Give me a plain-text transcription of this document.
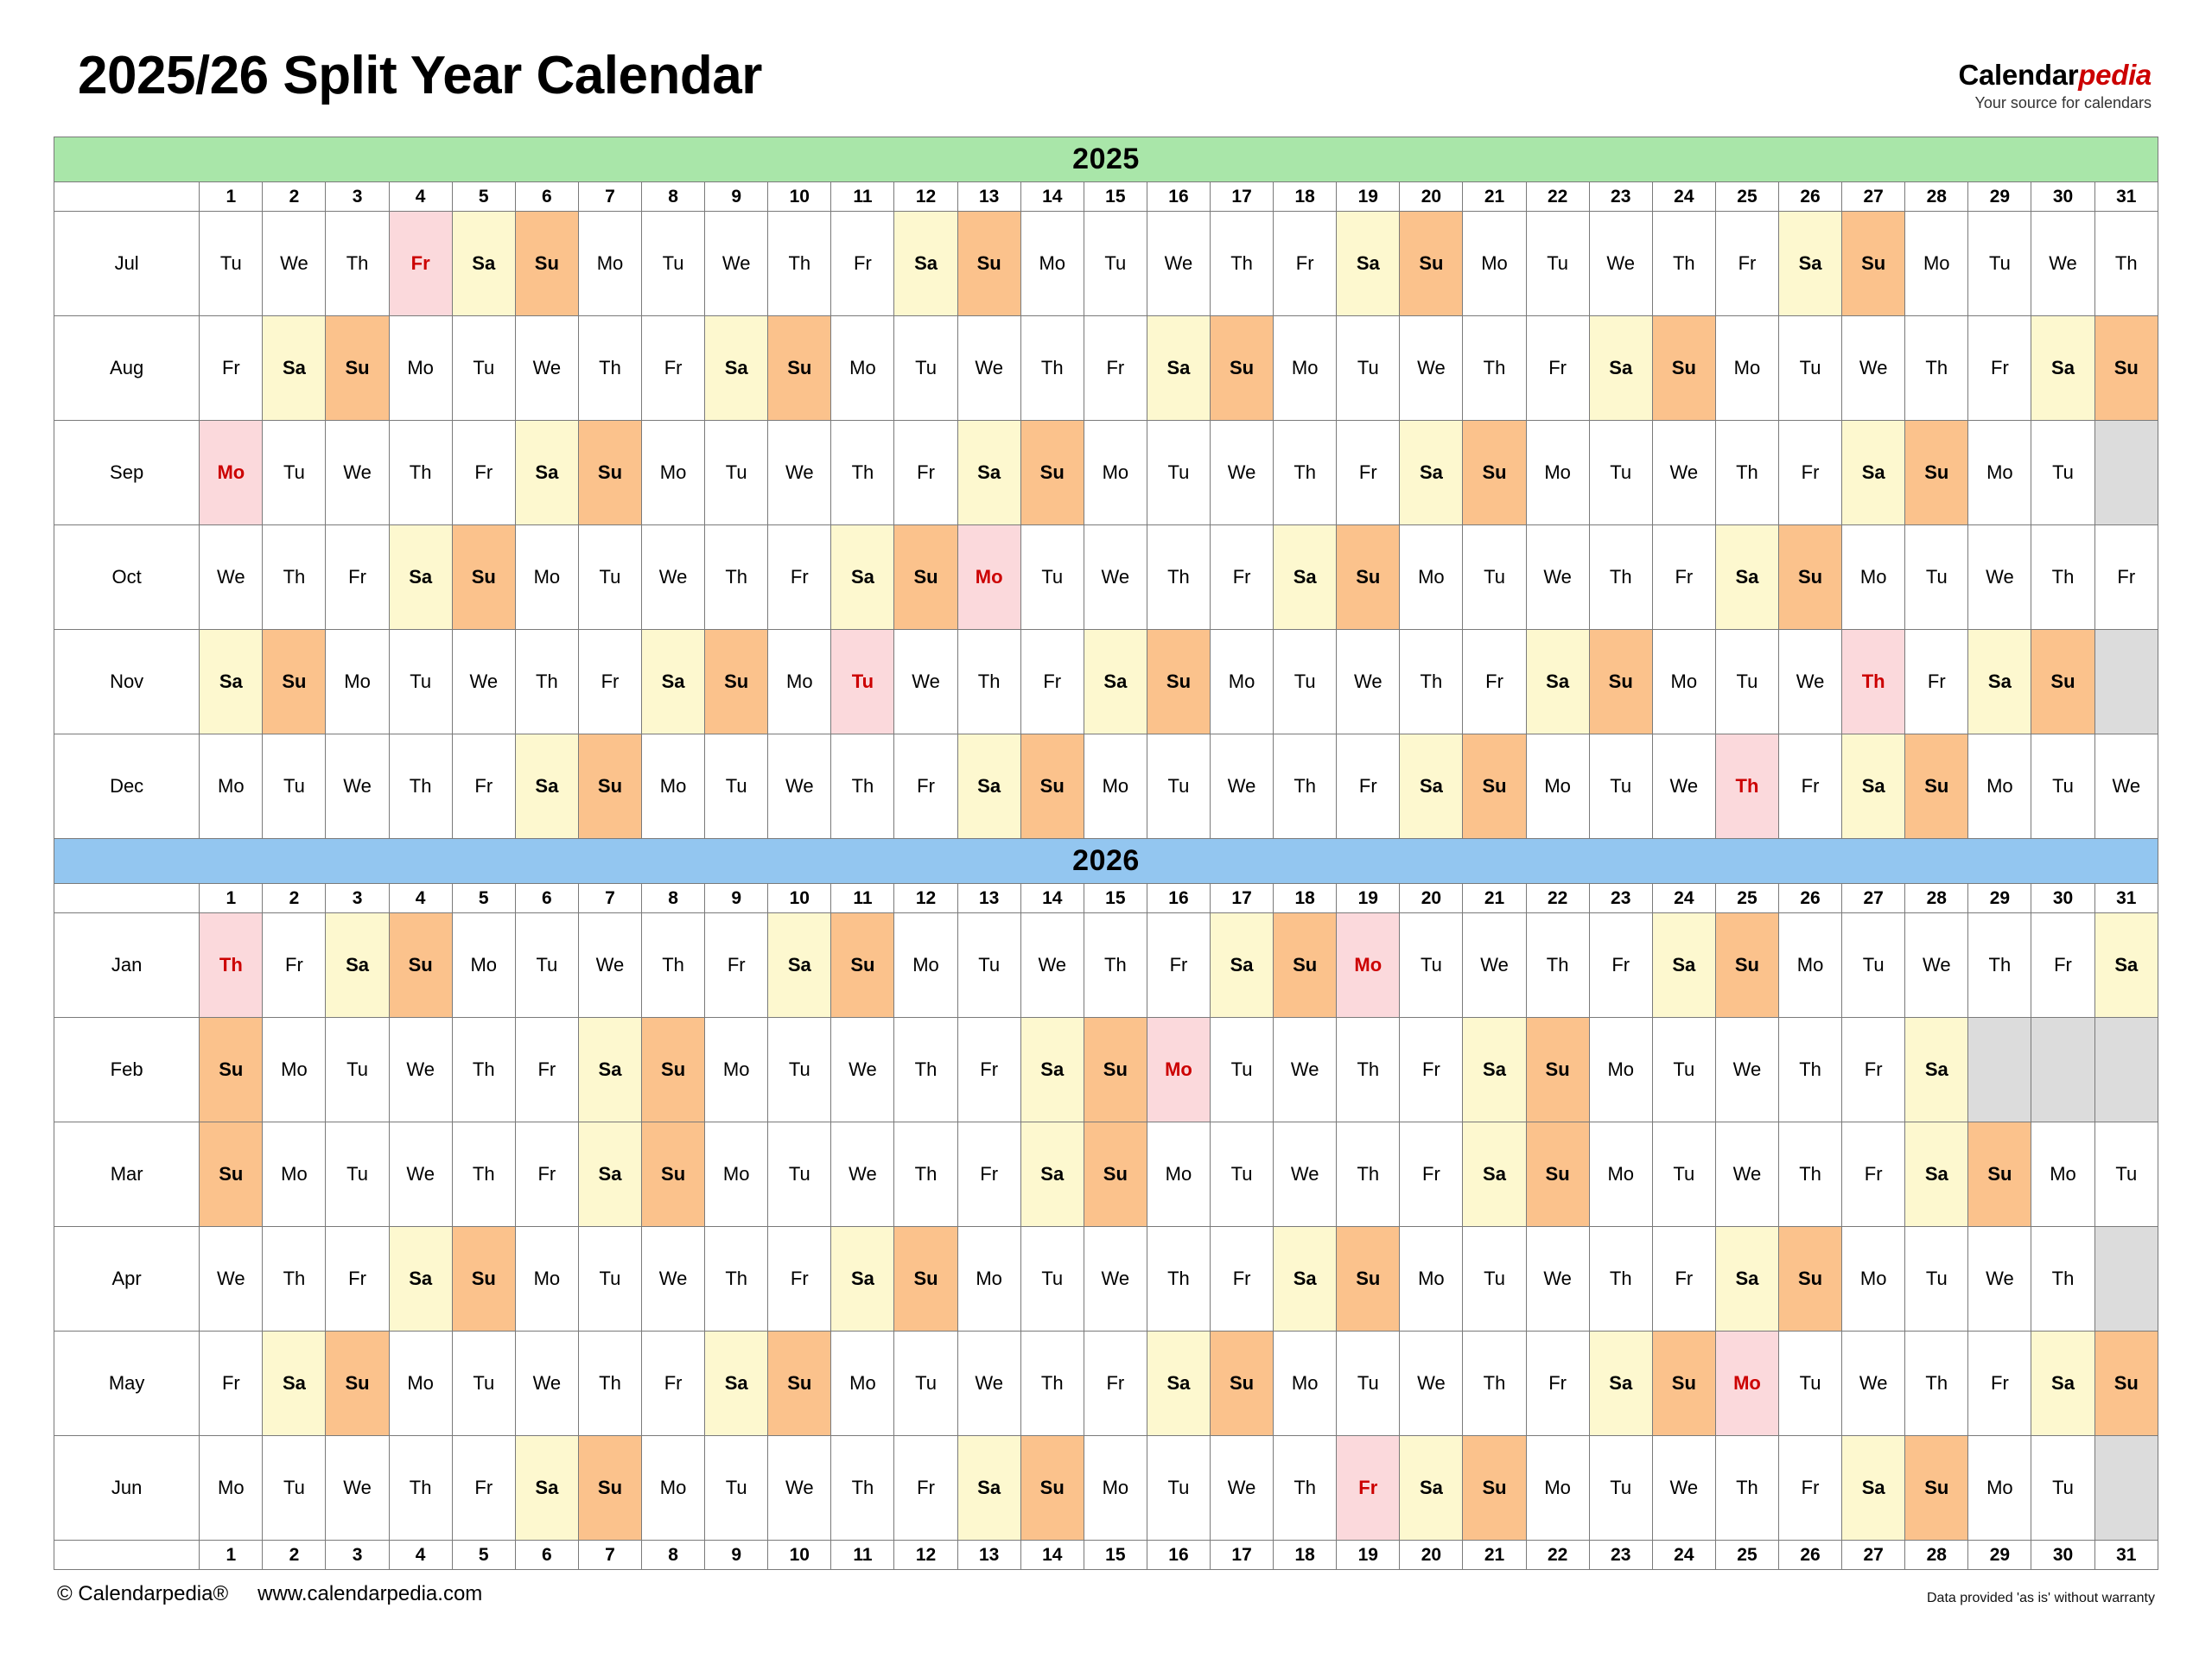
2025/26 Split Year Calendar	Calendarpedia
Your source for calendars
2025																															
	1	2	3	4	5	6	7	8	9	10	11	12	13	14	15	16	17	18	19	20	21	22	23	24	25	26	27	28	29	30	31
Jul	Tu	We	Th	Fr	Sa	Su	Mo	Tu	We	Th	Fr	Sa	Su	Mo	Tu	We	Th	Fr	Sa	Su	Mo	Tu	We	Th	Fr	Sa	Su	Mo	Tu	We	Th
Aug	Fr	Sa	Su	Mo	Tu	We	Th	Fr	Sa	Su	Mo	Tu	We	Th	Fr	Sa	Su	Mo	Tu	We	Th	Fr	Sa	Su	Mo	Tu	We	Th	Fr	Sa	Su
Sep	Mo	Tu	We	Th	Fr	Sa	Su	Mo	Tu	We	Th	Fr	Sa	Su	Mo	Tu	We	Th	Fr	Sa	Su	Mo	Tu	We	Th	Fr	Sa	Su	Mo	Tu	
Oct	We	Th	Fr	Sa	Su	Mo	Tu	We	Th	Fr	Sa	Su	Mo	Tu	We	Th	Fr	Sa	Su	Mo	Tu	We	Th	Fr	Sa	Su	Mo	Tu	We	Th	Fr
Nov	Sa	Su	Mo	Tu	We	Th	Fr	Sa	Su	Mo	Tu	We	Th	Fr	Sa	Su	Mo	Tu	We	Th	Fr	Sa	Su	Mo	Tu	We	Th	Fr	Sa	Su	
Dec	Mo	Tu	We	Th	Fr	Sa	Su	Mo	Tu	We	Th	Fr	Sa	Su	Mo	Tu	We	Th	Fr	Sa	Su	Mo	Tu	We	Th	Fr	Sa	Su	Mo	Tu	We
2026																															
	1	2	3	4	5	6	7	8	9	10	11	12	13	14	15	16	17	18	19	20	21	22	23	24	25	26	27	28	29	30	31
Jan	Th	Fr	Sa	Su	Mo	Tu	We	Th	Fr	Sa	Su	Mo	Tu	We	Th	Fr	Sa	Su	Mo	Tu	We	Th	Fr	Sa	Su	Mo	Tu	We	Th	Fr	Sa
Feb	Su	Mo	Tu	We	Th	Fr	Sa	Su	Mo	Tu	We	Th	Fr	Sa	Su	Mo	Tu	We	Th	Fr	Sa	Su	Mo	Tu	We	Th	Fr	Sa			
Mar	Su	Mo	Tu	We	Th	Fr	Sa	Su	Mo	Tu	We	Th	Fr	Sa	Su	Mo	Tu	We	Th	Fr	Sa	Su	Mo	Tu	We	Th	Fr	Sa	Su	Mo	Tu
Apr	We	Th	Fr	Sa	Su	Mo	Tu	We	Th	Fr	Sa	Su	Mo	Tu	We	Th	Fr	Sa	Su	Mo	Tu	We	Th	Fr	Sa	Su	Mo	Tu	We	Th	
May	Fr	Sa	Su	Mo	Tu	We	Th	Fr	Sa	Su	Mo	Tu	We	Th	Fr	Sa	Su	Mo	Tu	We	Th	Fr	Sa	Su	Mo	Tu	We	Th	Fr	Sa	Su
Jun	Mo	Tu	We	Th	Fr	Sa	Su	Mo	Tu	We	Th	Fr	Sa	Su	Mo	Tu	We	Th	Fr	Sa	Su	Mo	Tu	We	Th	Fr	Sa	Su	Mo	Tu	
	1	2	3	4	5	6	7	8	9	10	11	12	13	14	15	16	17	18	19	20	21	22	23	24	25	26	27	28	29	30	31
© Calendarpedia® www.calendarpedia.com	Data provided 'as is' without warranty
